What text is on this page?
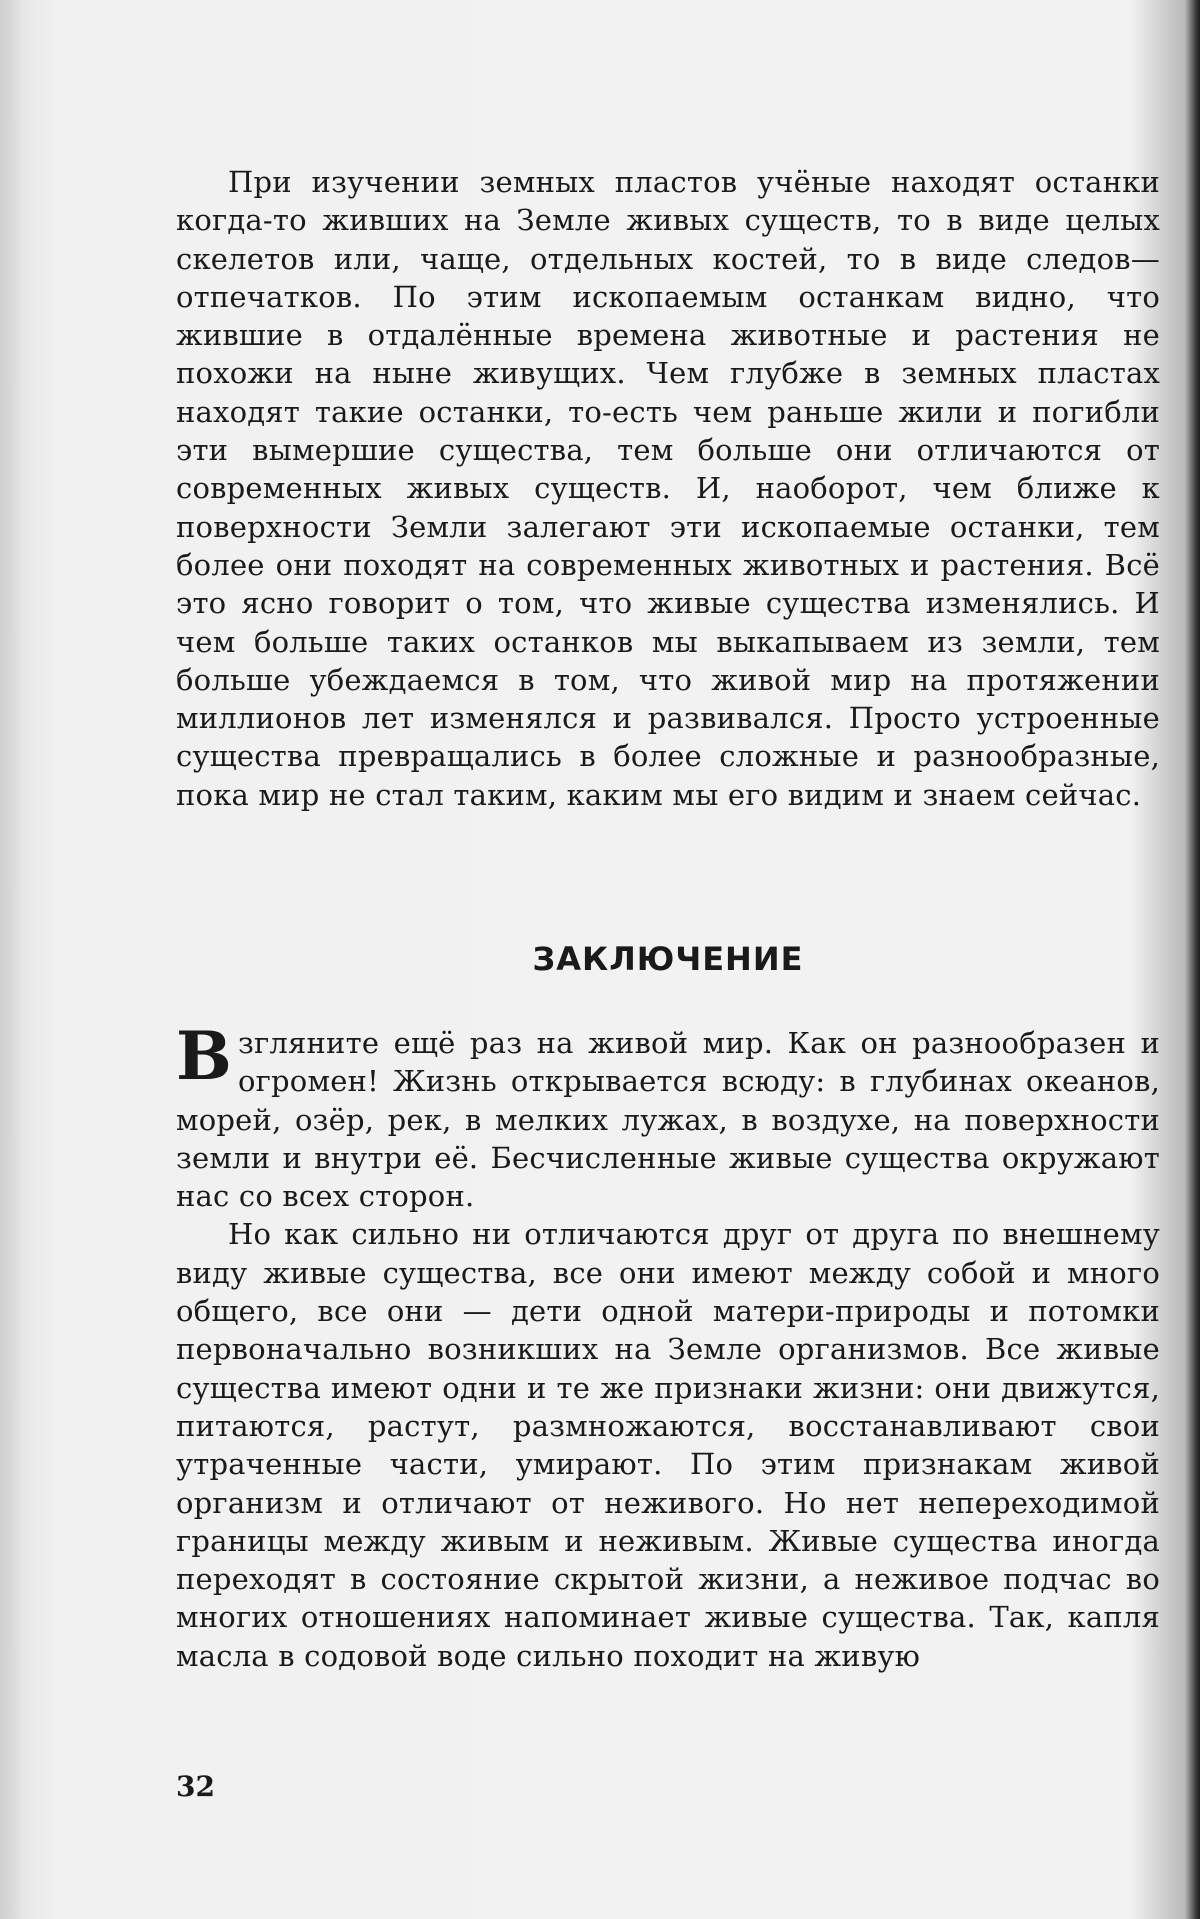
При изучении земных пластов учёные находят останки когда-то живших на Земле живых существ, то в виде целых скелетов или, чаще, отдельных костей, то в виде следов—отпечатков. По этим ископаемым останкам видно, что жившие в отдалённые времена животные и растения не похожи на ныне живущих. Чем глубже в земных пластах находят такие останки, то-есть чем раньше жили и погибли эти вымершие существа, тем больше они отличаются от современных живых существ. И, наоборот, чем ближе к поверхности Земли залегают эти ископаемые останки, тем более они походят на современных животных и растения. Всё это ясно говорит о том, что живые существа изменялись. И чем больше таких останков мы выкапываем из земли, тем больше убеждаемся в том, что живой мир на протяжении миллионов лет изменялся и развивался. Просто устроенные существа превращались в более сложные и разнообразные, пока мир не стал таким, каким мы его видим и знаем сейчас.

ЗАКЛЮЧЕНИЕ

Взглянитe ещё раз на живой мир. Как он разнообразен и огромен! Жизнь открывается всюду: в глубинах океанов, морей, озёр, рек, в мелких лужах, в воздухе, на поверхности земли и внутри её. Бесчисленные живые существа окружают нас со всех сторон.

Но как сильно ни отличаются друг от друга по внешнему виду живые существа, все они имеют между собой и много общего, все они — дети одной матери-природы и потомки первоначально возникших на Земле организмов. Все живые существа имеют одни и те же признаки жизни: они движутся, питаются, растут, размножаются, восстанавливают свои утраченные части, умирают. По этим признакам живой организм и отличают от неживого. Но нет непереходимой границы между живым и неживым. Живые существа иногда переходят в состояние скрытой жизни, а неживое подчас во многих отношениях напоминает живые существа. Так, капля масла в содовой воде сильно походит на живую

32
